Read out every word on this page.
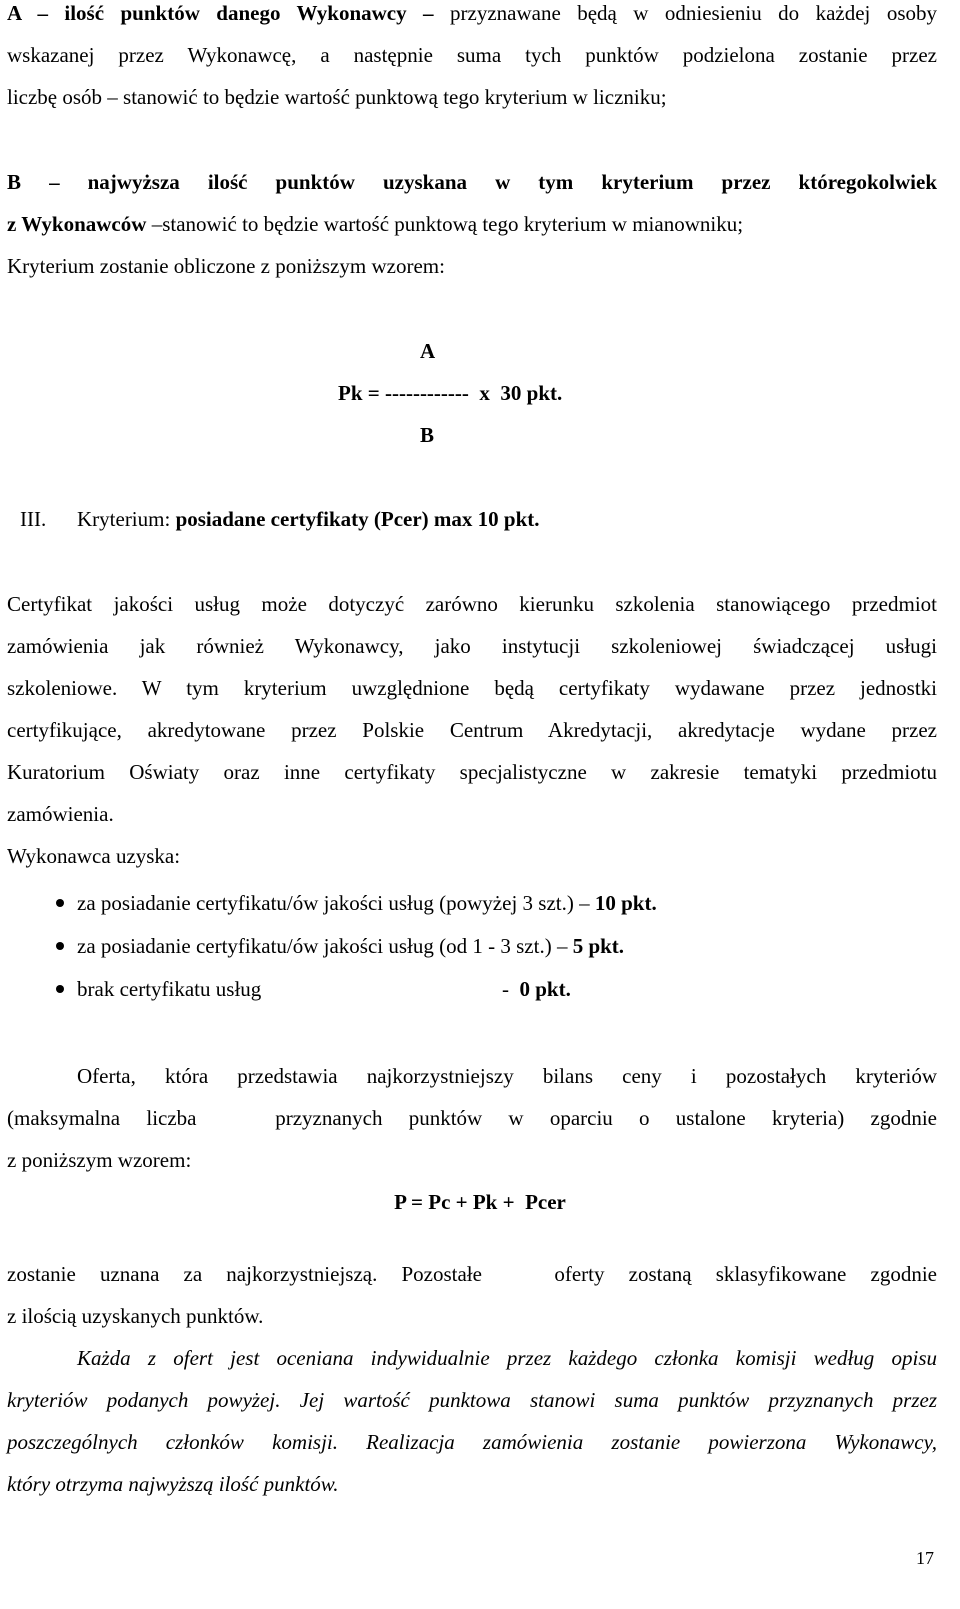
A – ilość punktów danego Wykonawcy – przyznawane będą w odniesieniu do każdej osoby
wskazanej przez Wykonawcę, a następnie suma tych punktów podzielona zostanie przez
liczbę osób – stanowić to będzie wartość punktową tego kryterium w liczniku;
B – najwyższa ilość punktów uzyskana w tym kryterium przez któregokolwiek
z Wykonawców –stanowić to będzie wartość punktową tego kryterium w mianowniku;
Kryterium zostanie obliczone z poniższym wzorem:
A
Pk = ------------  x  30 pkt.
B
III. Kryterium: posiadane certyfikaty (Pcer) max 10 pkt.
Certyfikat jakości usług może dotyczyć zarówno kierunku szkolenia stanowiącego przedmiot
zamówienia jak również Wykonawcy, jako instytucji szkoleniowej świadczącej usługi
szkoleniowe. W tym kryterium uwzględnione będą certyfikaty wydawane przez jednostki
certyfikujące, akredytowane przez Polskie Centrum Akredytacji, akredytacje wydane przez
Kuratorium Oświaty oraz inne certyfikaty specjalistyczne w zakresie tematyki przedmiotu
zamówienia.
Wykonawca uzyska:
za posiadanie certyfikatu/ów jakości usług (powyżej 3 szt.) – 10 pkt.
za posiadanie certyfikatu/ów jakości usług (od 1 - 3 szt.) – 5 pkt.
brak certyfikatu usług	-  0 pkt.
Oferta, która przedstawia najkorzystniejszy bilans ceny i pozostałych kryteriów
(maksymalna liczba   przyznanych punktów w oparciu o ustalone kryteria) zgodnie
z poniższym wzorem:
P = Pc + Pk +  Pcer
zostanie uznana za najkorzystniejszą. Pozostałe   oferty zostaną sklasyfikowane zgodnie
z ilością uzyskanych punktów.
Każda z ofert jest oceniana indywidualnie przez każdego członka komisji według opisu
kryteriów podanych powyżej. Jej wartość punktowa stanowi suma punktów przyznanych przez
poszczególnych członków komisji. Realizacja zamówienia zostanie powierzona Wykonawcy,
który otrzyma najwyższą ilość punktów.
17
